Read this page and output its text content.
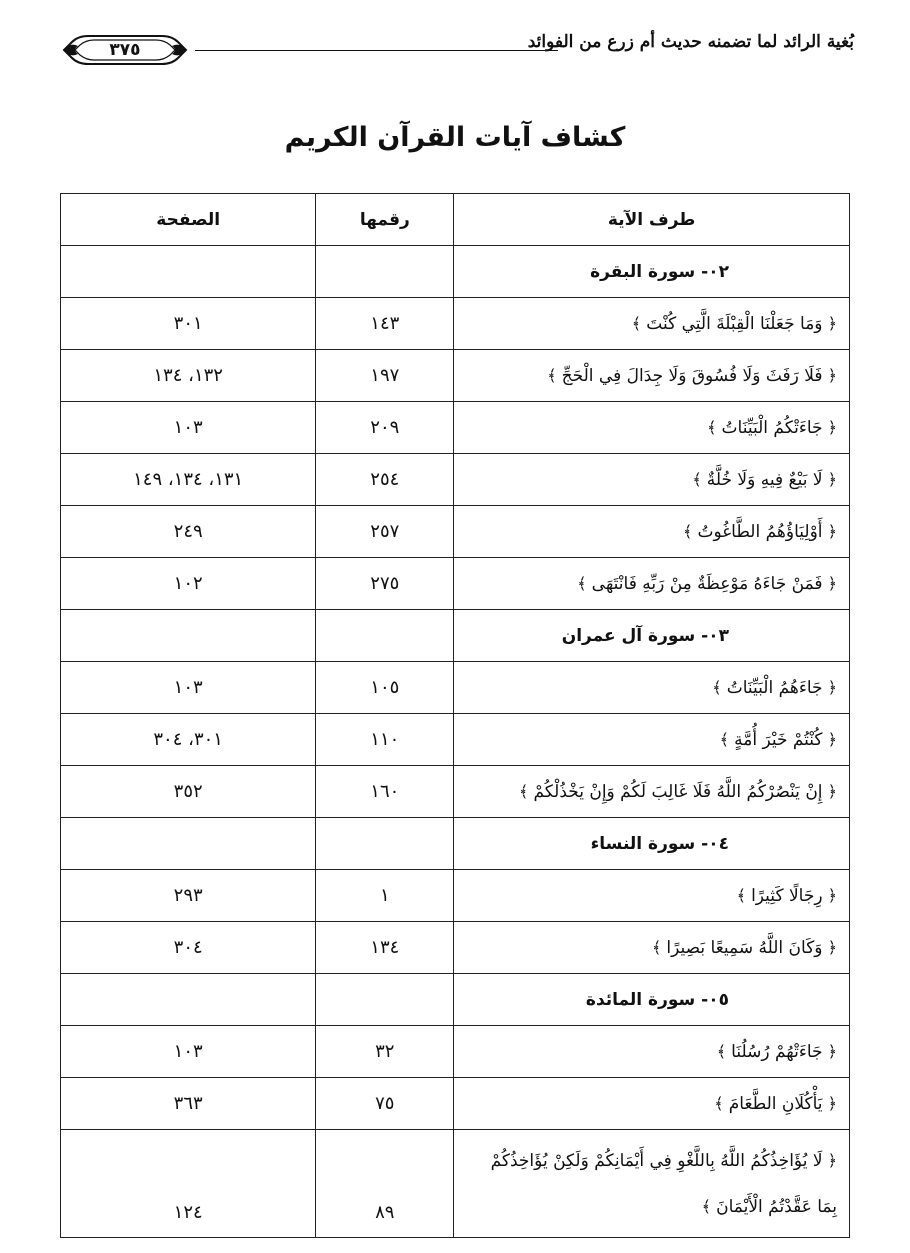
بُغية الرائد لما تضمنه حديث أم زرع من الفوائد
٣٧٥
كشاف آيات القرآن الكريم
طرف الآية	رقمها	الصفحة
٠٢- سورة البقرة		
﴿ وَمَا جَعَلْنَا الْقِبْلَةَ الَّتِي كُنْتَ ﴾	١٤٣	٣٠١
﴿ فَلَا رَفَثَ وَلَا فُسُوقَ وَلَا جِدَالَ فِي الْحَجِّ ﴾	١٩٧	١٣٢، ١٣٤
﴿ جَاءَتْكُمُ الْبَيِّنَاتُ ﴾	٢٠٩	١٠٣
﴿ لَا بَيْعٌ فِيهِ وَلَا خُلَّةٌ ﴾	٢٥٤	١٣١، ١٣٤، ١٤٩
﴿ أَوْلِيَاؤُهُمُ الطَّاغُوتُ ﴾	٢٥٧	٢٤٩
﴿ فَمَنْ جَاءَهُ مَوْعِظَةٌ مِنْ رَبِّهِ فَانْتَهَى ﴾	٢٧٥	١٠٢
٠٣- سورة آل عمران		
﴿ جَاءَهُمُ الْبَيِّنَاتُ ﴾	١٠٥	١٠٣
﴿ كُنْتُمْ خَيْرَ أُمَّةٍ ﴾	١١٠	٣٠١، ٣٠٤
﴿ إِنْ يَنْصُرْكُمُ اللَّهُ فَلَا غَالِبَ لَكُمْ وَإِنْ يَخْذُلْكُمْ ﴾	١٦٠	٣٥٢
٠٤- سورة النساء		
﴿ رِجَالًا كَثِيرًا ﴾	١	٢٩٣
﴿ وَكَانَ اللَّهُ سَمِيعًا بَصِيرًا ﴾	١٣٤	٣٠٤
٠٥- سورة المائدة		
﴿ جَاءَتْهُمْ رُسُلُنَا ﴾	٣٢	١٠٣
﴿ يَأْكُلَانِ الطَّعَامَ ﴾	٧٥	٣٦٣
﴿ لَا يُؤَاخِذُكُمُ اللَّهُ بِاللَّغْوِ فِي أَيْمَانِكُمْ وَلَكِنْ يُؤَاخِذُكُمْ بِمَا عَقَّدْتُمُ الْأَيْمَانَ ﴾	٨٩	١٢٤
